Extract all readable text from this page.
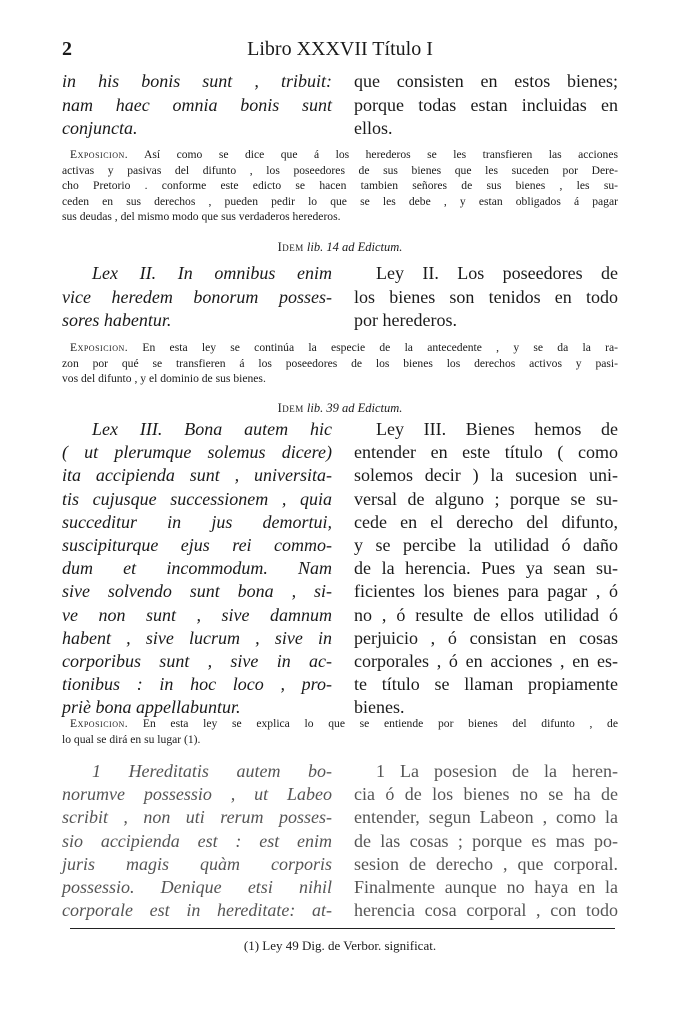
2	Libro XXXVII Título I
in his bonis sunt , tribuit:
nam haec omnia bonis sunt
conjuncta.
que consisten en estos bienes;
porque todas estan incluidas en
ellos.
Exposicion. Así como se dice que á los herederos se les transfieren las acciones
activas y pasivas del difunto , los poseedores de sus bienes que les suceden por Dere-
cho Pretorio . conforme este edicto se hacen tambien señores de sus bienes , les su-
ceden en sus derechos , pueden pedir lo que se les debe , y estan obligados á pagar
sus deudas , del mismo modo que sus verdaderos herederos.
Idem lib. 14 ad Edictum.
Lex II. In omnibus enim
vice heredem bonorum posses-
sores habentur.
Ley II. Los poseedores de
los bienes son tenidos en todo
por herederos.
Exposicion. En esta ley se continúa la especie de la antecedente , y se da la ra-
zon por qué se transfieren á los poseedores de los bienes los derechos activos y pasi-
vos del difunto , y el dominio de sus bienes.
Idem lib. 39 ad Edictum.
Lex III. Bona autem hic
( ut plerumque solemus dicere)
ita accipienda sunt , universita-
tis cujusque successionem , quia
succeditur in jus demortui,
suscipiturque ejus rei commo-
dum et incommodum. Nam
sive solvendo sunt bona , si-
ve non sunt , sive damnum
habent , sive lucrum , sive in
corporibus sunt , sive in ac-
tionibus : in hoc loco , pro-
priè bona appellabuntur.
Ley III. Bienes hemos de
entender en este título ( como
solemos decir ) la sucesion uni-
versal de alguno ; porque se su-
cede en el derecho del difunto,
y se percibe la utilidad ó daño
de la herencia. Pues ya sean su-
ficientes los bienes para pagar , ó
no , ó resulte de ellos utilidad ó
perjuicio , ó consistan en cosas
corporales , ó en acciones , en es-
te título se llaman propiamente
bienes.
Exposicion. En esta ley se explica lo que se entiende por bienes del difunto , de
lo qual se dirá en su lugar (1).
1 Hereditatis autem bo-
norumve possessio , ut Labeo
scribit , non uti rerum posses-
sio accipienda est : est enim
juris magis quàm corporis
possessio. Denique etsi nihil
corporale est in hereditate: at-
1 La posesion de la heren-
cia ó de los bienes no se ha de
entender, segun Labeon , como la
de las cosas ; porque es mas po-
sesion de derecho , que corporal.
Finalmente aunque no haya en la
herencia cosa corporal , con todo
(1) Ley 49 Dig. de Verbor. significat.
